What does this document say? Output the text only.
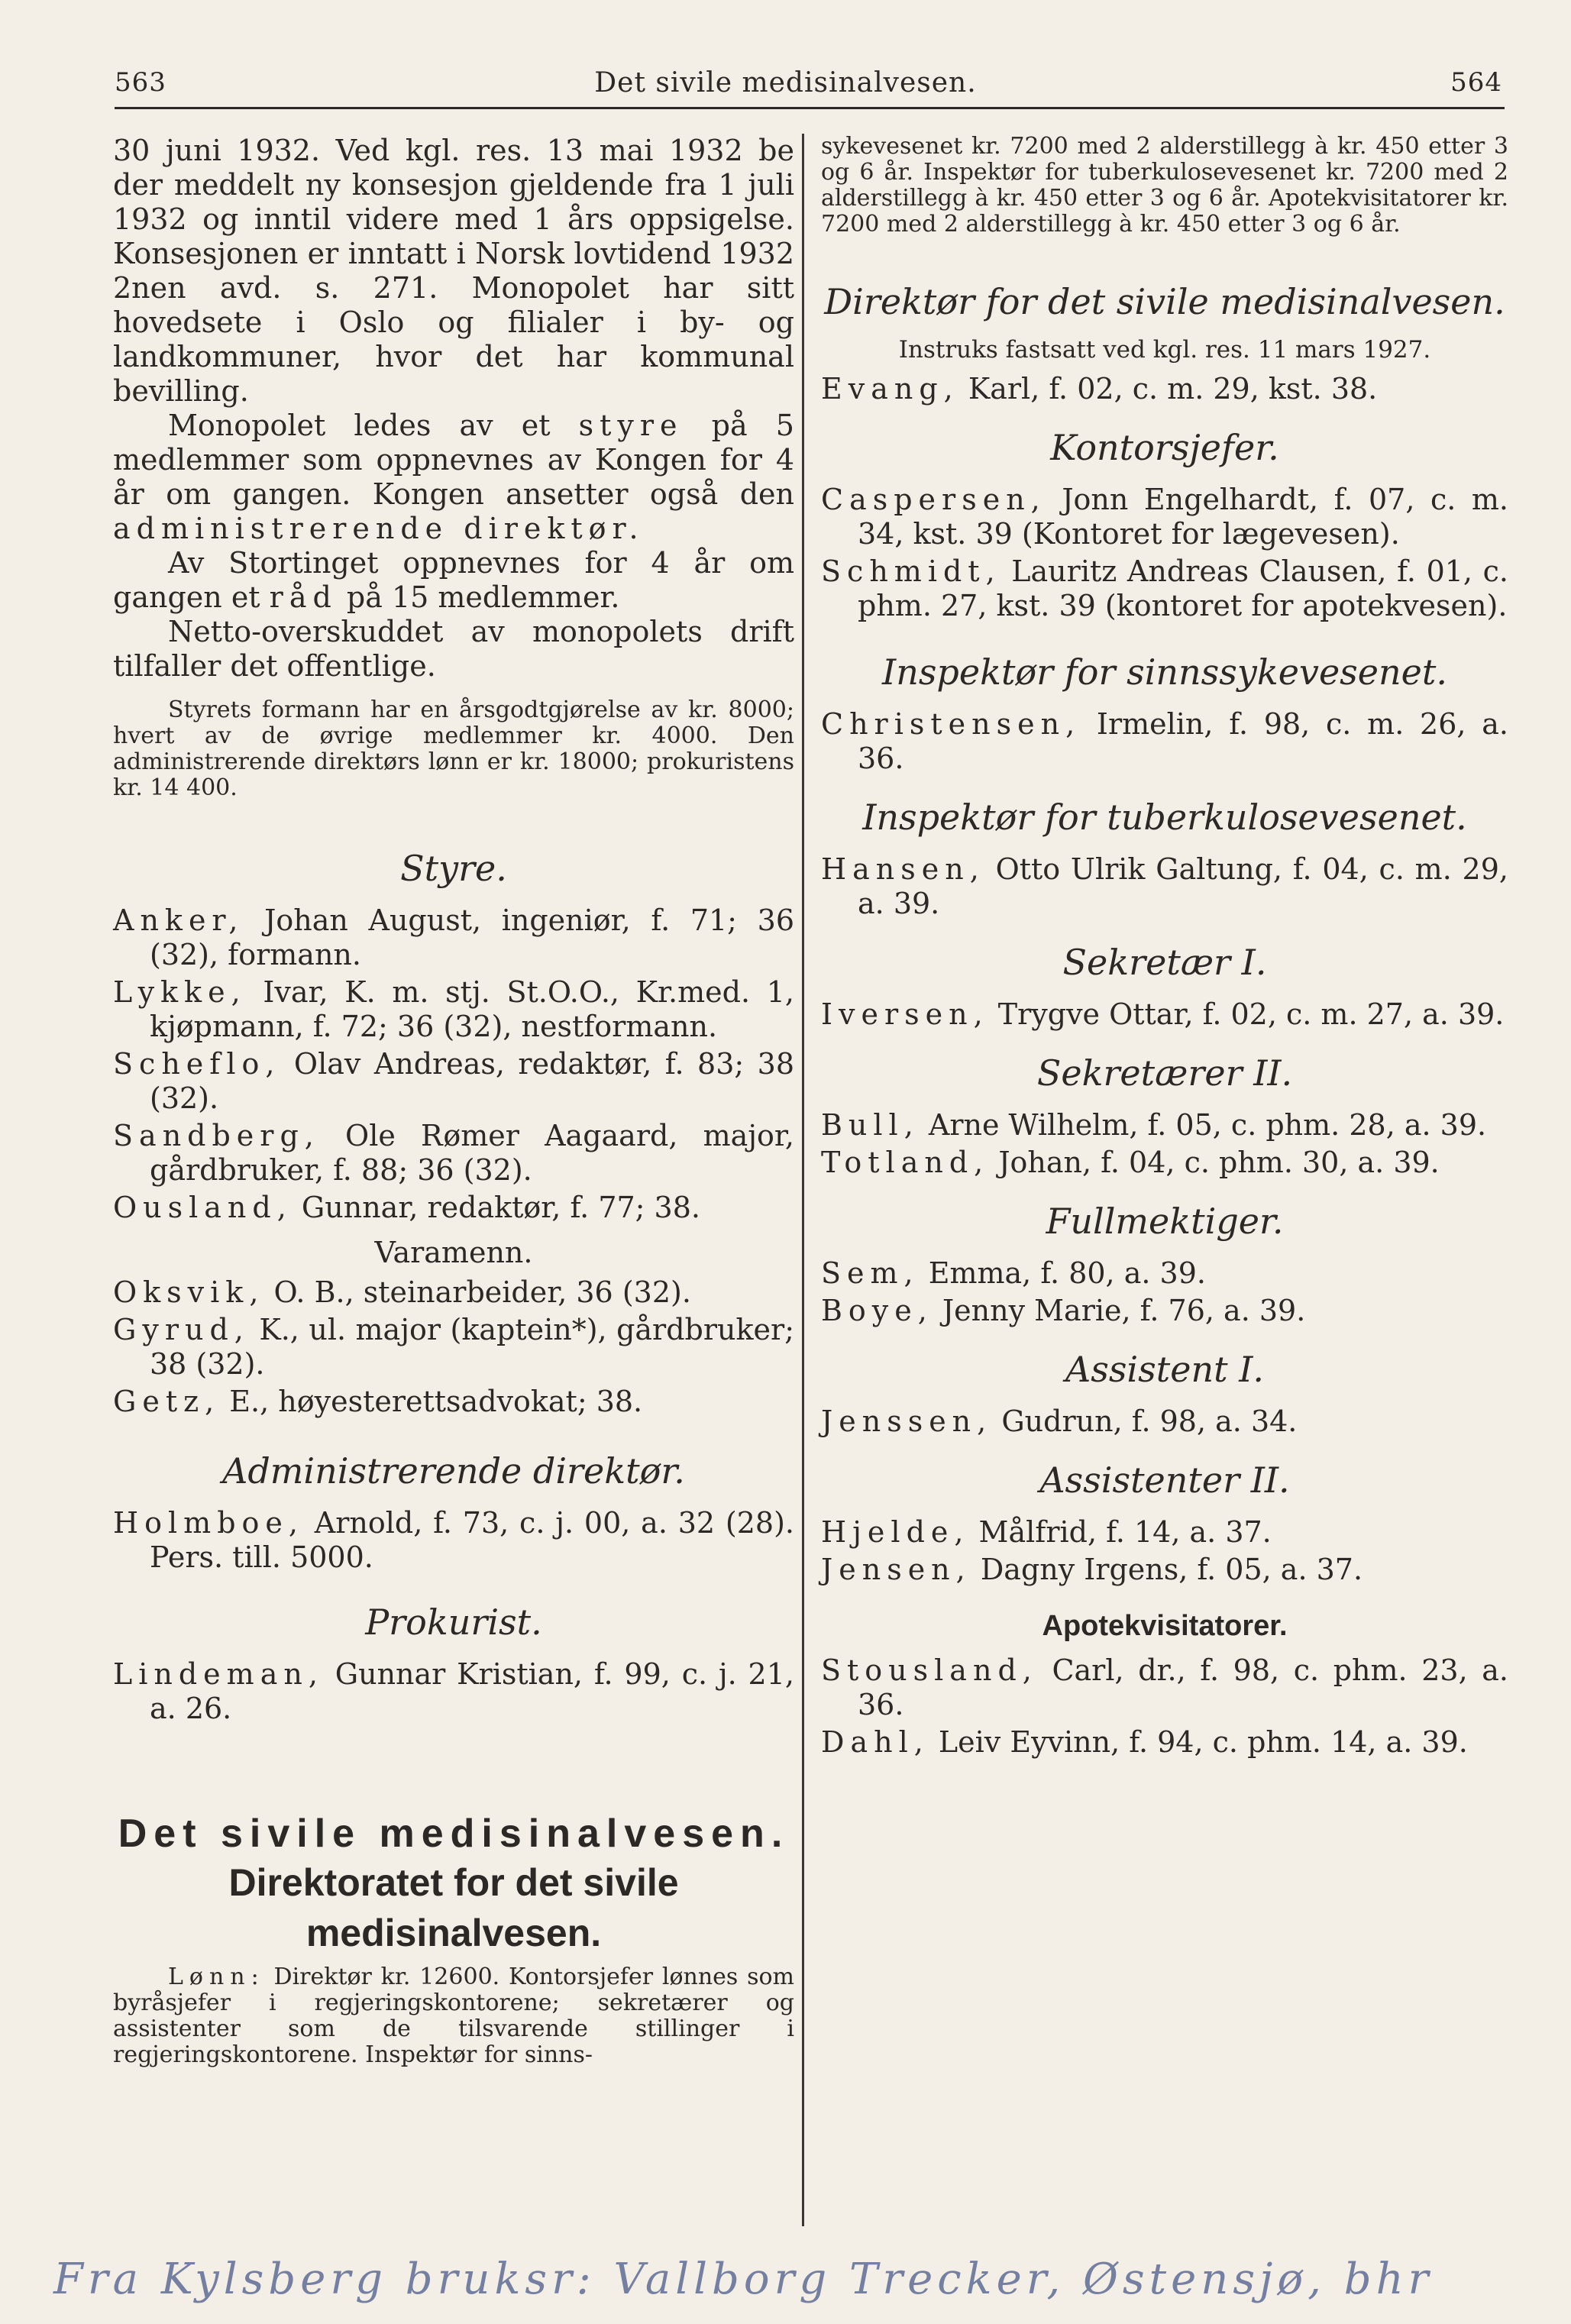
563	Det sivile medisinalvesen.	564

30 juni 1932. Ved kgl. res. 13 mai 1932 be der meddelt ny konsesjon gjeldende fra 1 juli 1932 og inntil videre med 1 års oppsigelse. Konsesjonen er inntatt i Norsk lovtidend 1932 2nen avd. s. 271. Monopolet har sitt hovedsete i Oslo og filialer i by- og landkommuner, hvor det har kommunal bevilling.

Monopolet ledes av et styre på 5 medlemmer som oppnevnes av Kongen for 4 år om gangen. Kongen ansetter også den administrerende direktør.

Av Stortinget oppnevnes for 4 år om gangen et råd på 15 medlemmer.

Netto-overskuddet av monopolets drift tilfaller det offentlige.

Styrets formann har en årsgodtgjørelse av kr. 8000; hvert av de øvrige medlemmer kr. 4000. Den administrerende direktørs lønn er kr. 18000; prokuristens kr. 14 400.

Styre.

Anker, Johan August, ingeniør, f. 71; 36 (32), formann.

Lykke, Ivar, K. m. stj. St.O.O., Kr.med. 1, kjøpmann, f. 72; 36 (32), nestformann.

Scheflo, Olav Andreas, redaktør, f. 83; 38 (32).

Sandberg, Ole Rømer Aagaard, major, gårdbruker, f. 88; 36 (32).

Ousland, Gunnar, redaktør, f. 77; 38.

Varamenn.

Oksvik, O. B., steinarbeider, 36 (32).

Gyrud, K., ul. major (kaptein*), gårdbruker; 38 (32).

Getz, E., høyesterettsadvokat; 38.

Administrerende direktør.

Holmboe, Arnold, f. 73, c. j. 00, a. 32 (28). Pers. till. 5000.

Prokurist.

Lindeman, Gunnar Kristian, f. 99, c. j. 21, a. 26.

Det sivile medisinalvesen.
Direktoratet for det sivile medisinalvesen.

Lønn: Direktør kr. 12600. Kontorsjefer lønnes som byråsjefer i regjeringskontorene; sekretærer og assistenter som de tilsvarende stillinger i regjeringskontorene. Inspektør for sinns-

sykevesenet kr. 7200 med 2 alderstillegg à kr. 450 etter 3 og 6 år. Inspektør for tuberkulosevesenet kr. 7200 med 2 alderstillegg à kr. 450 etter 3 og 6 år. Apotekvisitatorer kr. 7200 med 2 alderstillegg à kr. 450 etter 3 og 6 år.

Direktør for det sivile medisinalvesen.

Instruks fastsatt ved kgl. res. 11 mars 1927.

Evang, Karl, f. 02, c. m. 29, kst. 38.

Kontorsjefer.

Caspersen, Jonn Engelhardt, f. 07, c. m. 34, kst. 39 (Kontoret for lægevesen).

Schmidt, Lauritz Andreas Clausen, f. 01, c. phm. 27, kst. 39 (kontoret for apotekvesen).

Inspektør for sinnssykevesenet.

Christensen, Irmelin, f. 98, c. m. 26, a. 36.

Inspektør for tuberkulosevesenet.

Hansen, Otto Ulrik Galtung, f. 04, c. m. 29, a. 39.

Sekretær I.

Iversen, Trygve Ottar, f. 02, c. m. 27, a. 39.

Sekretærer II.

Bull, Arne Wilhelm, f. 05, c. phm. 28, a. 39.

Totland, Johan, f. 04, c. phm. 30, a. 39.

Fullmektiger.

Sem, Emma, f. 80, a. 39.

Boye, Jenny Marie, f. 76, a. 39.

Assistent I.

Jenssen, Gudrun, f. 98, a. 34.

Assistenter II.

Hjelde, Målfrid, f. 14, a. 37.

Jensen, Dagny Irgens, f. 05, a. 37.

Apotekvisitatorer.

Stousland, Carl, dr., f. 98, c. phm. 23, a. 36.

Dahl, Leiv Eyvinn, f. 94, c. phm. 14, a. 39.

Fra Kylsberg bruksr: Vallborg Trecker, Østensjø, bhr
